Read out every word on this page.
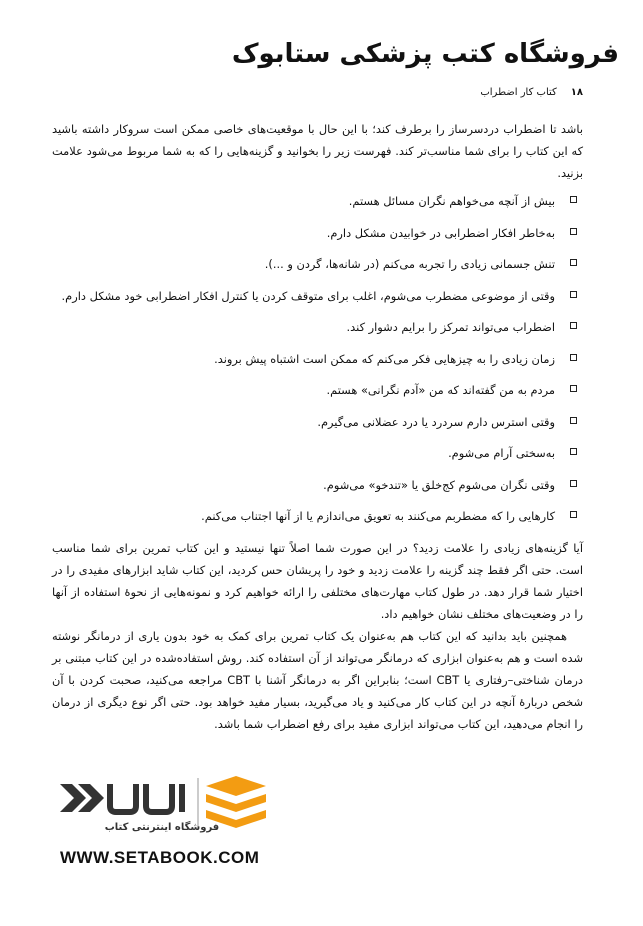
فروشگاه کتب پزشکی ستابوک
۱۸
کتاب کار اضطراب

باشد تا اضطراب دردسرساز را برطرف کند؛ با این حال با موقعیت‌های خاصی ممکن است سروکار داشته باشید که این کتاب را برای شما مناسب‌تر کند. فهرست زیر را بخوانید و گزینه‌هایی را که به شما مربوط می‌شود علامت بزنید.

بیش از آنچه می‌خواهم نگران مسائل هستم.
به‌خاطر افکار اضطرابی در خوابیدن مشکل دارم.
تنش جسمانی زیادی را تجربه می‌کنم (در شانه‌ها، گردن و ...).
وقتی از موضوعی مضطرب می‌شوم، اغلب برای متوقف کردن یا کنترل افکار اضطرابی خود مشکل دارم.
اضطراب می‌تواند تمرکز را برایم دشوار کند.
زمان زیادی را به چیزهایی فکر می‌کنم که ممکن است اشتباه پیش بروند.
مردم به من گفته‌اند که من «آدم نگرانی» هستم.
وقتی استرس دارم سردرد یا درد عضلانی می‌گیرم.
به‌سختی آرام می‌شوم.
وقتی نگران می‌شوم کج‌خلق یا «تندخو» می‌شوم.
کارهایی را که مضطربم می‌کنند به تعویق می‌اندازم یا از آنها اجتناب می‌کنم.

آیا گزینه‌های زیادی را علامت زدید؟ در این صورت شما اصلاً تنها نیستید و این کتاب تمرین برای شما مناسب است. حتی اگر فقط چند گزینه را علامت زدید و خود را پریشان حس کردید، این کتاب شاید ابزارهای مفیدی را در اختیار شما قرار دهد. در طول کتاب مهارت‌های مختلفی را ارائه خواهیم کرد و نمونه‌هایی از نحوهٔ استفاده از آنها را در وضعیت‌های مختلف نشان خواهیم داد.

همچنین باید بدانید که این کتاب هم به‌عنوان یک کتاب تمرین برای کمک به خود بدون یاری از درمانگر نوشته شده است و هم به‌عنوان ابزاری که درمانگر می‌تواند از آن استفاده کند. روش استفاده‌شده در این کتاب مبتنی بر درمان شناختی–رفتاری یا CBT است؛ بنابراین اگر به درمانگر آشنا با CBT مراجعه می‌کنید، صحبت کردن با آن شخص دربارهٔ آنچه در این کتاب کار می‌کنید و یاد می‌گیرید، بسیار مفید خواهد بود. حتی اگر نوع دیگری از درمان را انجام می‌دهید، این کتاب می‌تواند ابزاری مفید برای رفع اضطراب شما باشد.

فروشگاه اینترنتی کتاب
WWW.SETABOOK.COM
